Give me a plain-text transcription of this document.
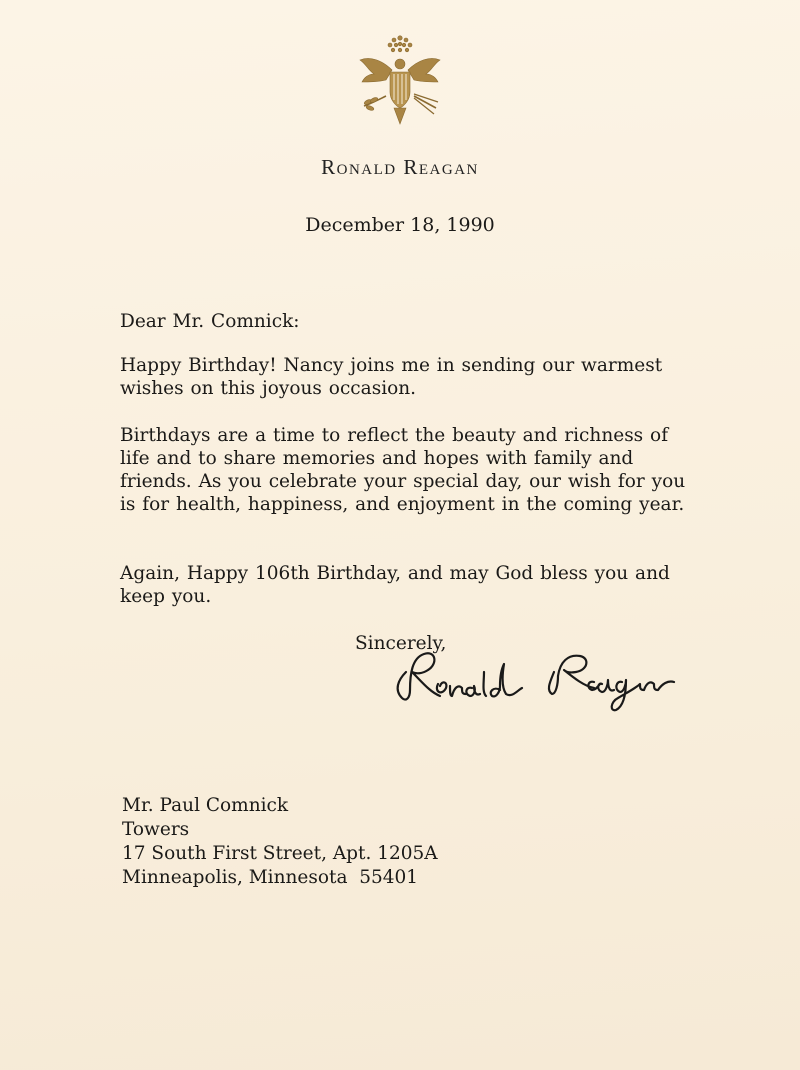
Ronald Reagan
December 18, 1990
Dear Mr. Comnick:
Happy Birthday! Nancy joins me in sending our warmest wishes on this joyous occasion.
Birthdays are a time to reflect the beauty and richness of life and to share memories and hopes with family and friends. As you celebrate your special day, our wish for you is for health, happiness, and enjoyment in the coming year.
Again, Happy 106th Birthday, and may God bless you and keep you.
Sincerely,
Mr. Paul Comnick
Towers
17 South First Street, Apt. 1205A
Minneapolis, Minnesota  55401
